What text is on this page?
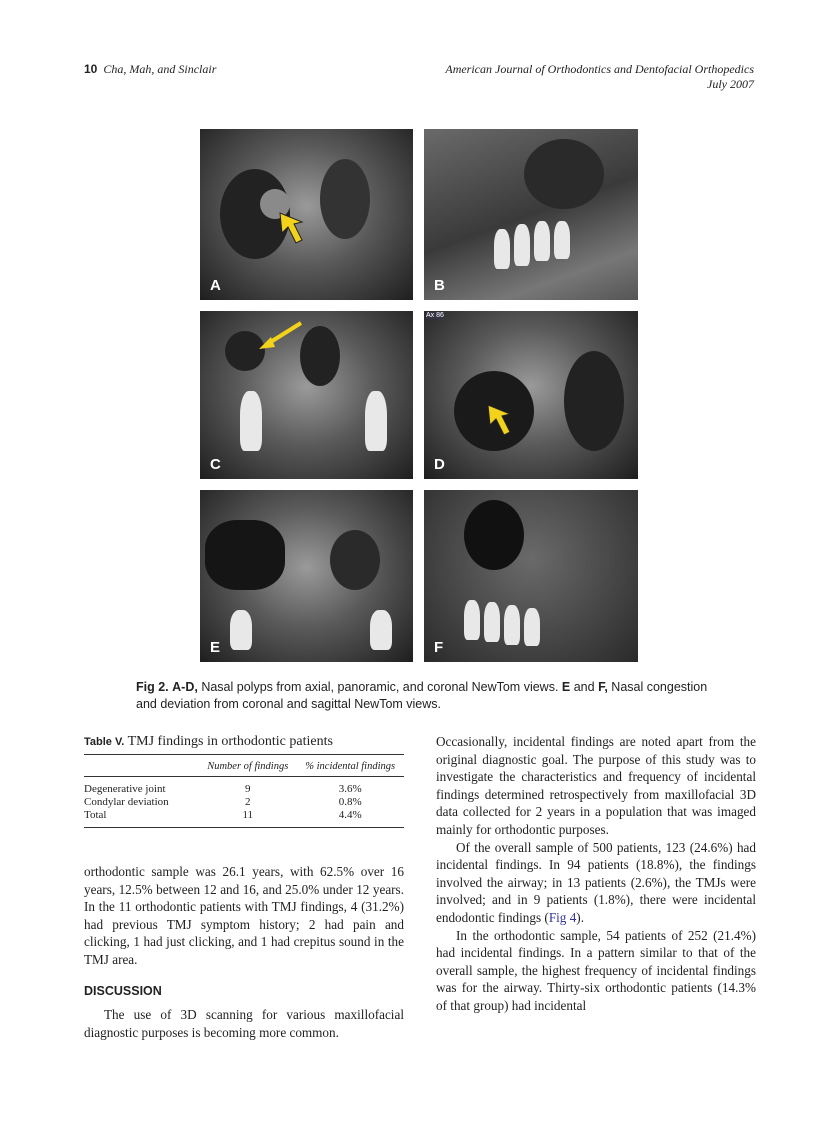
10 Cha, Mah, and Sinclair	American Journal of Orthodontics and Dentofacial Orthopedics
July 2007
A	B
C
Ax 86
D
E	F
Fig 2. A-D, Nasal polyps from axial, panoramic, and coronal NewTom views. E and F, Nasal congestion and deviation from coronal and sagittal NewTom views.
Table V. TMJ findings in orthodontic patients
	Number of findings	% incidental findings
Degenerative joint	9	3.6%
Condylar deviation	2	0.8%
Total	11	4.4%

orthodontic sample was 26.1 years, with 62.5% over 16 years, 12.5% between 12 and 16, and 25.0% under 12 years. In the 11 orthodontic patients with TMJ findings, 4 (31.2%) had previous TMJ symptom history; 2 had pain and clicking, 1 had just clicking, and 1 had crepitus sound in the TMJ area.

DISCUSSION

The use of 3D scanning for various maxillofacial diagnostic purposes is becoming more common.

Occasionally, incidental findings are noted apart from the original diagnostic goal. The purpose of this study was to investigate the characteristics and frequency of incidental findings determined retrospectively from maxillofacial 3D data collected for 2 years in a population that was imaged mainly for orthodontic purposes.

Of the overall sample of 500 patients, 123 (24.6%) had incidental findings. In 94 patients (18.8%), the findings involved the airway; in 13 patients (2.6%), the TMJs were involved; and in 9 patients (1.8%), there were incidental endodontic findings (Fig 4).

In the orthodontic sample, 54 patients of 252 (21.4%) had incidental findings. In a pattern similar to that of the overall sample, the highest frequency of incidental findings was for the airway. Thirty-six orthodontic patients (14.3% of that group) had incidental
